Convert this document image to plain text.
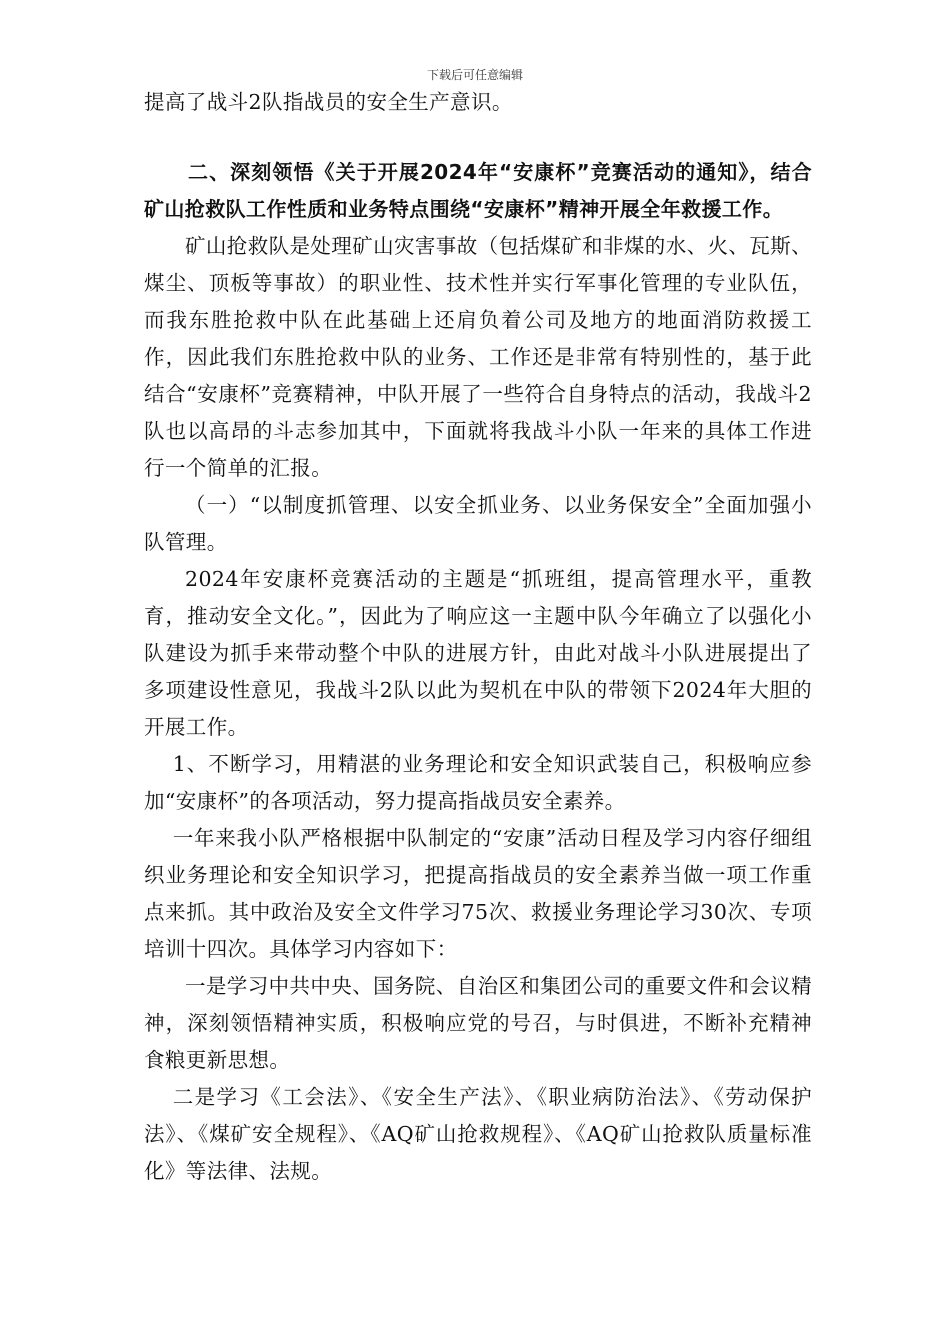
下载后可任意编辑

提高了战斗2队指战员的安全生产意识。

二、深刻领悟《关于开展2024年“安康杯”竞赛活动的通知》，结合矿山抢救队工作性质和业务特点围绕“安康杯”精神开展全年救援工作。

矿山抢救队是处理矿山灾害事故（包括煤矿和非煤的水、火、瓦斯、煤尘、顶板等事故）的职业性、技术性并实行军事化管理的专业队伍，而我东胜抢救中队在此基础上还肩负着公司及地方的地面消防救援工作，因此我们东胜抢救中队的业务、工作还是非常有特别性的，基于此结合“安康杯”竞赛精神，中队开展了一些符合自身特点的活动，我战斗2队也以高昂的斗志参加其中，下面就将我战斗小队一年来的具体工作进行一个简单的汇报。

（一）“以制度抓管理、以安全抓业务、以业务保安全”全面加强小队管理。

2024年安康杯竞赛活动的主题是“抓班组，提高管理水平，重教育，推动安全文化。”，因此为了响应这一主题中队今年确立了以强化小队建设为抓手来带动整个中队的进展方针，由此对战斗小队进展提出了多项建设性意见，我战斗2队以此为契机在中队的带领下2024年大胆的开展工作。

1、不断学习，用精湛的业务理论和安全知识武装自己，积极响应参加“安康杯”的各项活动，努力提高指战员安全素养。

一年来我小队严格根据中队制定的“安康”活动日程及学习内容仔细组织业务理论和安全知识学习，把提高指战员的安全素养当做一项工作重点来抓。其中政治及安全文件学习75次、救援业务理论学习30次、专项培训十四次。具体学习内容如下：

一是学习中共中央、国务院、自治区和集团公司的重要文件和会议精神，深刻领悟精神实质，积极响应党的号召，与时俱进，不断补充精神食粮更新思想。

二是学习《工会法》、《安全生产法》、《职业病防治法》、《劳动保护法》、《煤矿安全规程》、《AQ矿山抢救规程》、《AQ矿山抢救队质量标准化》等法律、法规。
